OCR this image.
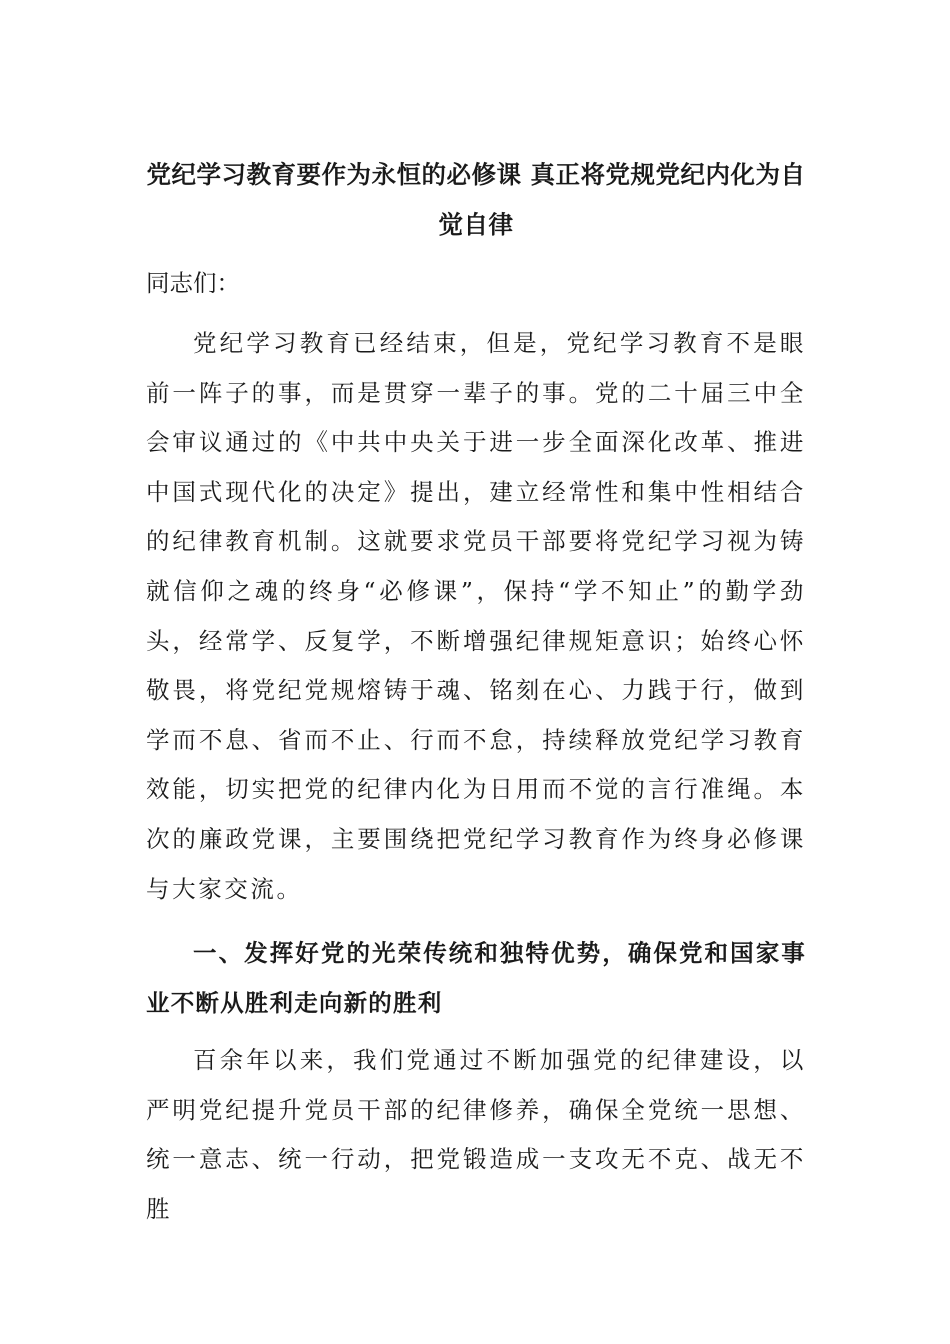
党纪学习教育要作为永恒的必修课 真正将党规党纪内化为自觉自律

同志们：

党纪学习教育已经结束，但是，党纪学习教育不是眼前一阵子的事，而是贯穿一辈子的事。党的二十届三中全会审议通过的《中共中央关于进一步全面深化改革、推进中国式现代化的决定》提出，建立经常性和集中性相结合的纪律教育机制。这就要求党员干部要将党纪学习视为铸就信仰之魂的终身“必修课”，保持“学不知止”的勤学劲头，经常学、反复学，不断增强纪律规矩意识；始终心怀敬畏，将党纪党规熔铸于魂、铭刻在心、力践于行，做到学而不息、省而不止、行而不怠，持续释放党纪学习教育效能，切实把党的纪律内化为日用而不觉的言行准绳。本次的廉政党课，主要围绕把党纪学习教育作为终身必修课与大家交流。

一、发挥好党的光荣传统和独特优势，确保党和国家事业不断从胜利走向新的胜利

百余年以来，我们党通过不断加强党的纪律建设，以严明党纪提升党员干部的纪律修养，确保全党统一思想、统一意志、统一行动，把党锻造成一支攻无不克、战无不胜
